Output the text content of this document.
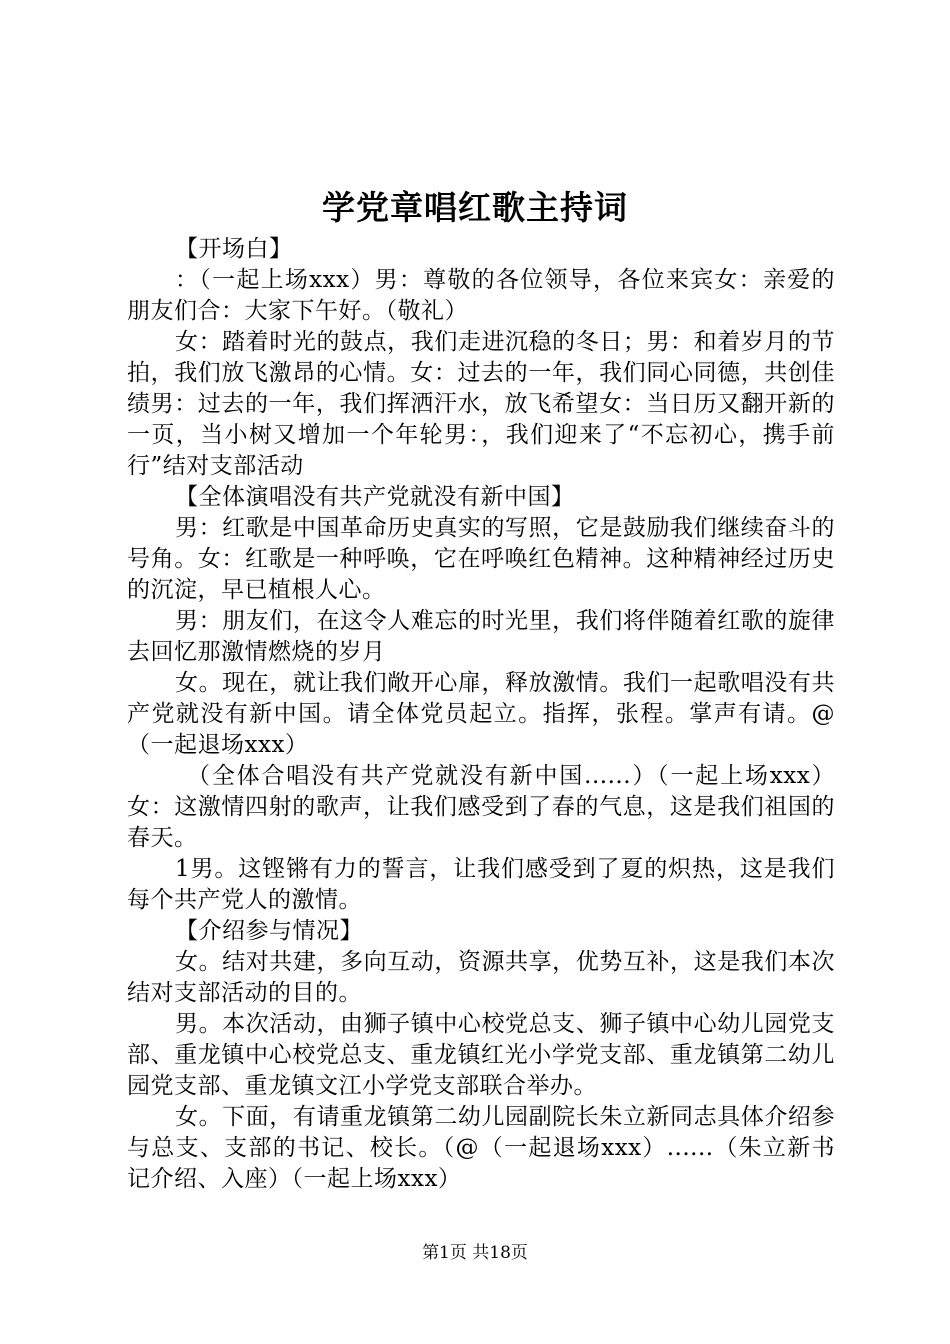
学党章唱红歌主持词

【开场白】

：（一起上场xxx）男：尊敬的各位领导，各位来宾女：亲爱的朋友们合：大家下午好。（敬礼）

女：踏着时光的鼓点，我们走进沉稳的冬日；男：和着岁月的节拍，我们放飞激昂的心情。女：过去的一年，我们同心同德，共创佳绩男：过去的一年，我们挥洒汗水，放飞希望女：当日历又翻开新的一页，当小树又增加一个年轮男：，我们迎来了“不忘初心，携手前行”结对支部活动

【全体演唱没有共产党就没有新中国】

男：红歌是中国革命历史真实的写照，它是鼓励我们继续奋斗的号角。女：红歌是一种呼唤，它在呼唤红色精神。这种精神经过历史的沉淀，早已植根人心。

男：朋友们，在这令人难忘的时光里，我们将伴随着红歌的旋律去回忆那激情燃烧的岁月

女。现在，就让我们敞开心扉，释放激情。我们一起歌唱没有共产党就没有新中国。请全体党员起立。指挥，张程。掌声有请。@（一起退场xxx）

（全体合唱没有共产党就没有新中国......）（一起上场xxx）女：这激情四射的歌声，让我们感受到了春的气息，这是我们祖国的春天。

1男。这铿锵有力的誓言，让我们感受到了夏的炽热，这是我们每个共产党人的激情。

【介绍参与情况】

女。结对共建，多向互动，资源共享，优势互补，这是我们本次结对支部活动的目的。

男。本次活动，由狮子镇中心校党总支、狮子镇中心幼儿园党支部、重龙镇中心校党总支、重龙镇红光小学党支部、重龙镇第二幼儿园党支部、重龙镇文江小学党支部联合举办。

女。下面，有请重龙镇第二幼儿园副院长朱立新同志具体介绍参与总支、支部的书记、校长。（@（一起退场xxx）......（朱立新书记介绍、入座）（一起上场xxx）

第1页 共18页
